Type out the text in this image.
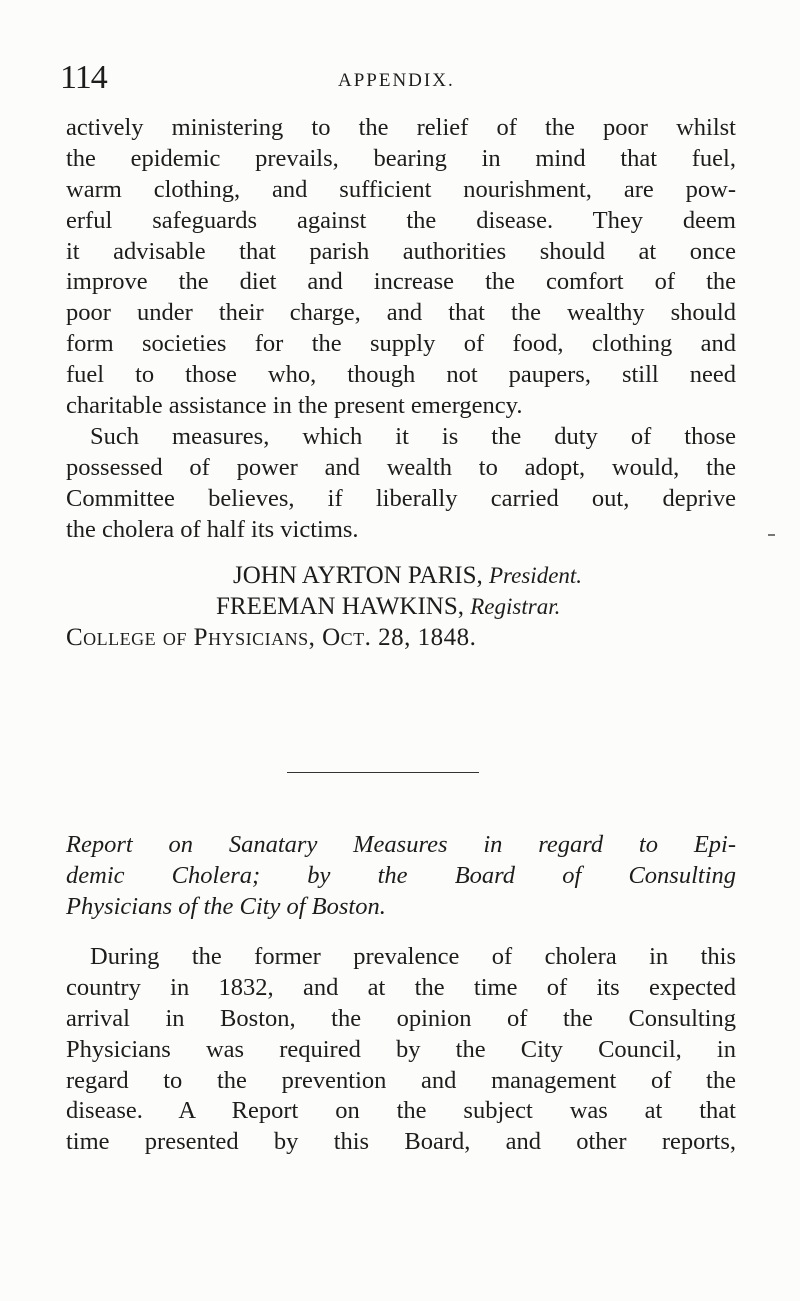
114	APPENDIX.
actively ministering to the relief of the poor whilst
the epidemic prevails, bearing in mind that fuel,
warm clothing, and sufficient nourishment, are pow-
erful safeguards against the disease. They deem
it advisable that parish authorities should at once
improve the diet and increase the comfort of the
poor under their charge, and that the wealthy should
form societies for the supply of food, clothing and
fuel to those who, though not paupers, still need
charitable assistance in the present emergency.
Such measures, which it is the duty of those
possessed of power and wealth to adopt, would, the
Committee believes, if liberally carried out, deprive
the cholera of half its victims.
JOHN AYRTON PARIS, President.
FREEMAN HAWKINS, Registrar.
College of Physicians, Oct. 28, 1848.
Report on Sanatary Measures in regard to Epi-
demic Cholera; by the Board of Consulting
Physicians of the City of Boston.
During the former prevalence of cholera in this
country in 1832, and at the time of its expected
arrival in Boston, the opinion of the Consulting
Physicians was required by the City Council, in
regard to the prevention and management of the
disease. A Report on the subject was at that
time presented by this Board, and other reports,
